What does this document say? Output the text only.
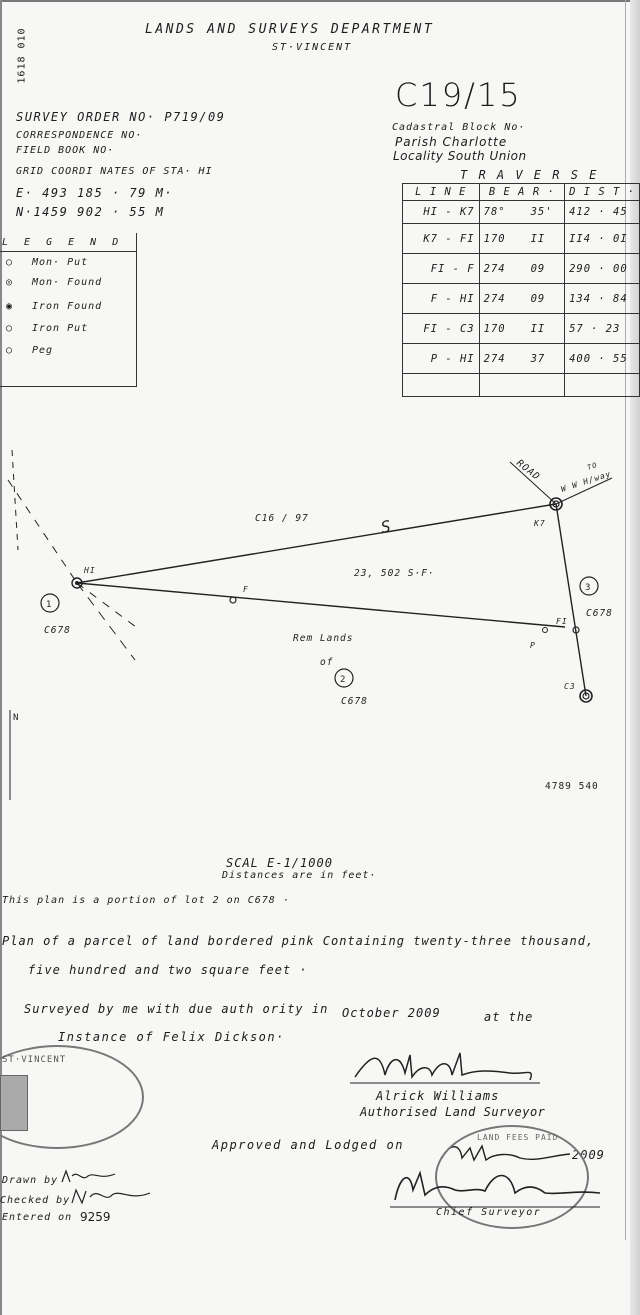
1618 010	LANDS AND SURVEYS DEPARTMENT
ST·VINCENT
C19/15
SURVEY ORDER NO· P719/09
CORRESPONDENCE NO·
FIELD BOOK NO·
GRID COORDI NATES OF STA· HI
E· 493 185 · 79 M·
N·1459 902 · 55 M
Cadastral Block No·
Parish Charlotte
Locality South Union
T R A V E R S E
L I N E	B E A R ·		D I S T ·
HI - K7	78°	35'	412 · 45
K7 - FI	170	II	II4 · 0I
FI - F	274	09	290 · 00
F - HI	274	09	134 · 84
FI - C3	170	II	57 · 23
P - HI	274	37	400 · 55

L E G E N D
○ Mon· Put
◎ Mon· Found
◉ Iron Found
○ Iron Put
○ Peg
ROAD	TO
W W H/way
K7
HI
F
FI
P
C3
C16 / 97	S
23, 502 S·F·
1
2
3
C678
C678
C678
Rem Lands
of
N
4789 540
SCAL E-1/1000
Distances are in feet·
This plan is a portion of lot 2 on C678 ·
Plan of a parcel of land bordered pink Containing twenty-three thousand,
five hundred and two square feet ·
Surveyed by me with due auth ority in October 2009	at the
Instance of Felix Dickson·
Alrick Williams
Authorised Land Surveyor
Approved and Lodged on
2009
LAND FEES PAID
Chief Surveyor
ST·VINCENT
Drawn by
Checked by
Entered on 9259
